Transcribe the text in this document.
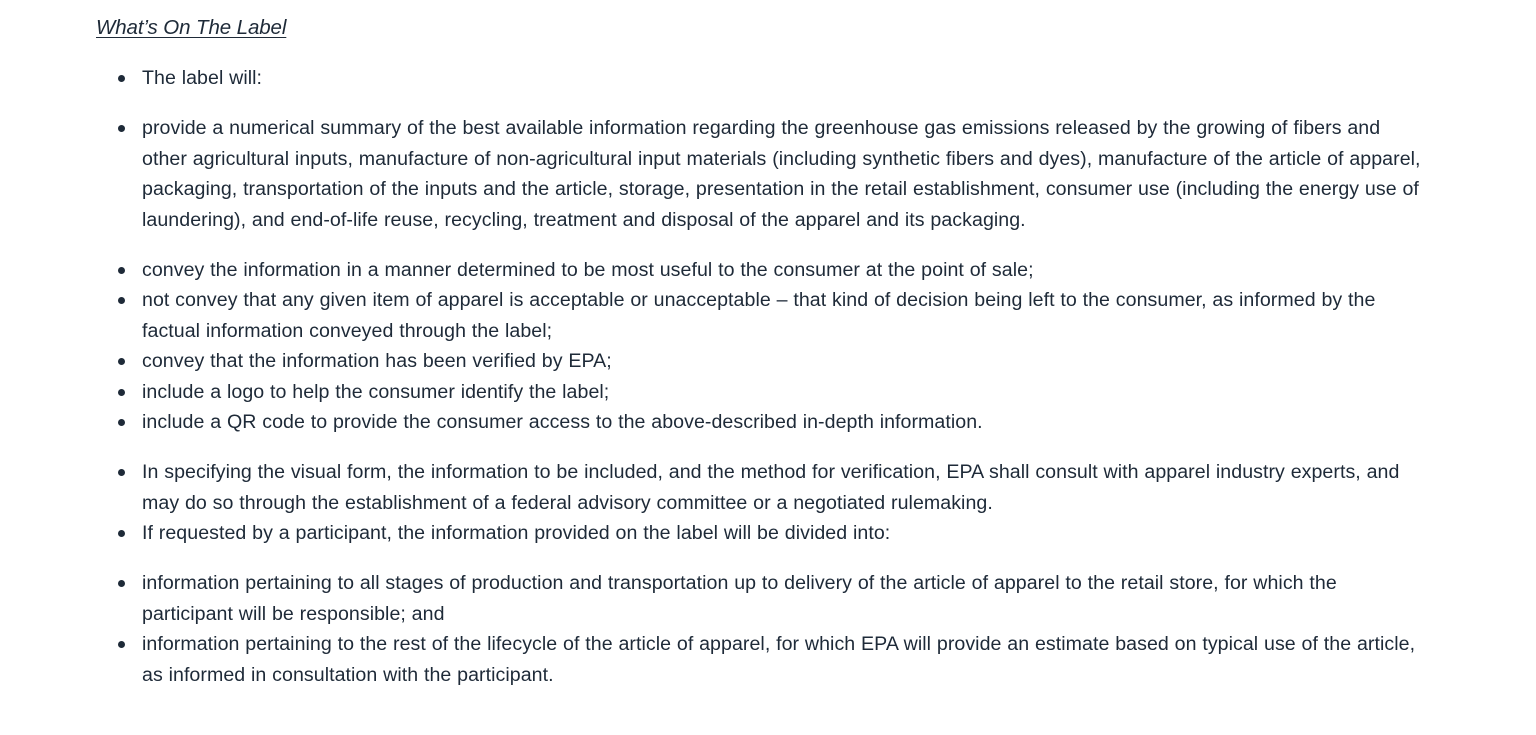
What’s On The Label
The label will:
provide a numerical summary of the best available information regarding the greenhouse gas emissions released by the growing of fibers and other agricultural inputs, manufacture of non-agricultural input materials (including synthetic fibers and dyes), manufacture of the article of apparel, packaging, transportation of the inputs and the article, storage, presentation in the retail establishment, consumer use (including the energy use of laundering), and end-of-life reuse, recycling, treatment and disposal of the apparel and its packaging.
convey the information in a manner determined to be most useful to the consumer at the point of sale;
not convey that any given item of apparel is acceptable or unacceptable – that kind of decision being left to the consumer, as informed by the factual information conveyed through the label;
convey that the information has been verified by EPA;
include a logo to help the consumer identify the label;
include a QR code to provide the consumer access to the above-described in-depth information.
In specifying the visual form, the information to be included, and the method for verification, EPA shall consult with apparel industry experts, and may do so through the establishment of a federal advisory committee or a negotiated rulemaking.
If requested by a participant, the information provided on the label will be divided into:
information pertaining to all stages of production and transportation up to delivery of the article of apparel to the retail store, for which the participant will be responsible; and
information pertaining to the rest of the lifecycle of the article of apparel, for which EPA will provide an estimate based on typical use of the article, as informed in consultation with the participant.
